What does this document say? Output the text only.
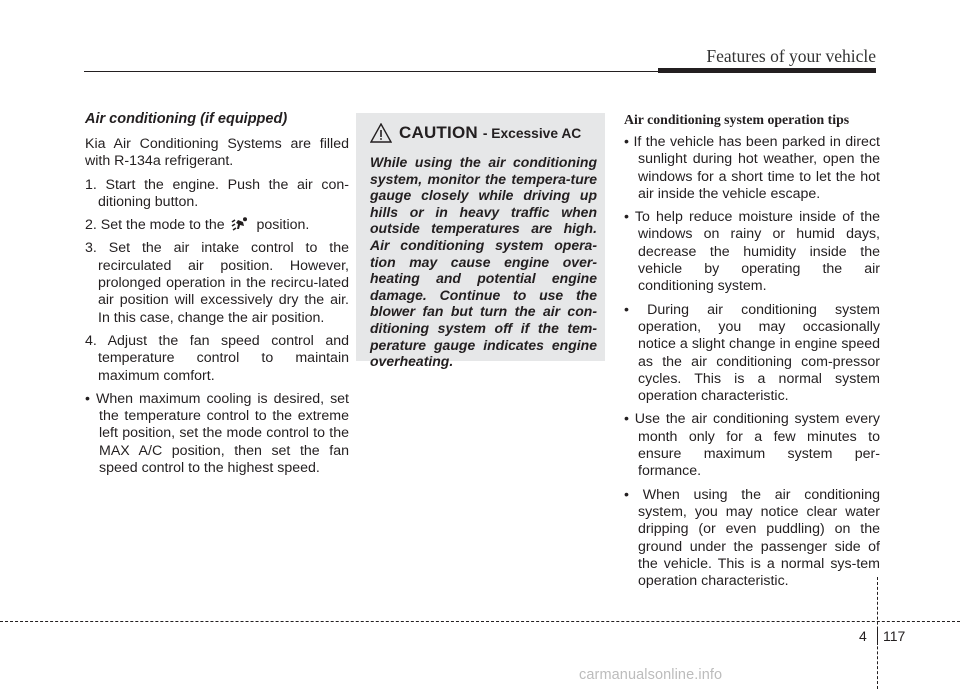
Features of your vehicle
Air conditioning (if equipped)

Kia Air Conditioning Systems are filled with R-134a refrigerant.

1. Start the engine. Push the air con-ditioning button.
2. Set the mode to the position.
3. Set the air intake control to the recirculated air position. However, prolonged operation in the recircu-lated air position will excessively dry the air. In this case, change the air position.
4. Adjust the fan speed control and temperature control to maintain maximum comfort.
• When maximum cooling is desired, set the temperature control to the extreme left position, set the mode control to the MAX A/C position, then set the fan speed control to the highest speed.
CAUTION - Excessive AC

While using the air conditioning system, monitor the tempera-ture gauge closely while driving up hills or in heavy traffic when outside temperatures are high. Air conditioning system opera-tion may cause engine over-heating and potential engine damage. Continue to use the blower fan but turn the air con-ditioning system off if the tem-perature gauge indicates engine overheating.

Air conditioning system operation tips
• If the vehicle has been parked in direct sunlight during hot weather, open the windows for a short time to let the hot air inside the vehicle escape.
• To help reduce moisture inside of the windows on rainy or humid days, decrease the humidity inside the vehicle by operating the air conditioning system.
• During air conditioning system operation, you may occasionally notice a slight change in engine speed as the air conditioning com-pressor cycles. This is a normal system operation characteristic.
• Use the air conditioning system every month only for a few minutes to ensure maximum system per-formance.
• When using the air conditioning system, you may notice clear water dripping (or even puddling) on the ground under the passenger side of the vehicle. This is a normal sys-tem operation characteristic.
4 117
carmanualsonline.info
